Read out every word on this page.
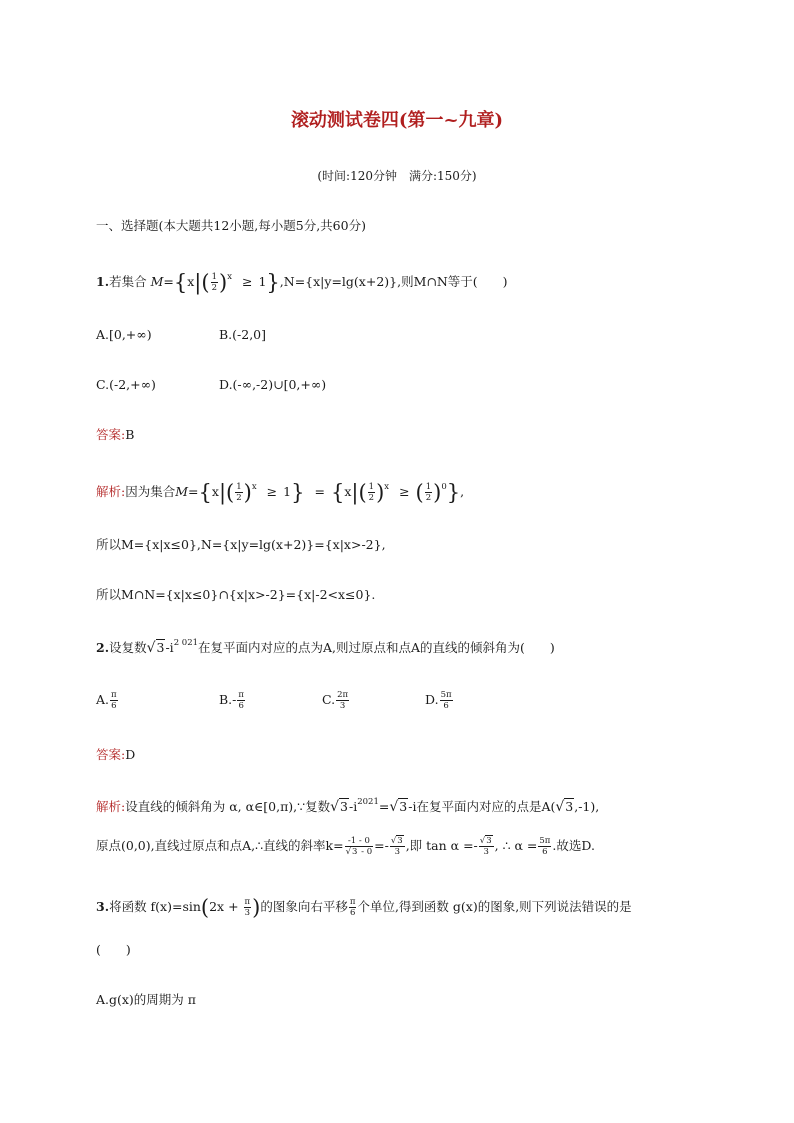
滚动测试卷四(第一~九章)
(时间:120分钟　满分:150分)
一、选择题(本大题共12小题,每小题5分,共60分)
1.若集合 $M=\{x|( \frac{1}{2} )^x \ge 1\},N=\{x|y=\lg(x+2)\}$,则M∩N等于(　　)
A.[0,+∞)	B.(-2,0]
C.(-2,+∞)	D.(-∞,-2)∪[0,+∞)
答案:B
解析:因为集合$M=\{x|( \frac{1}{2} )^x \ge 1\} = \{x|( \frac{1}{2} )^x$ ≥ ( $\frac{1}{2} )^0$},
所以M={x|x≤0},N={x|y=lg(x+2)}={x|x>-2},
所以M∩N={x|x≤0}∩{x|x>-2}={x|-2<x≤0}.
2.设复数$√3-i^{2 021}$在复平面内对应的点为A,则过原点和点A的直线的倾斜角为(　　)
A. $\frac{\pi}{6}$	$B.- \frac{\pi}{6}$	C. $\frac{2\pi}{3}$	D. $\frac{5\pi}{6}$
答案:D
解析:设直线的倾斜角为 α, α∈[0,π),∵复数$√3-i^{2021}=√3-i$在复平面内对应的点是A(√3,-1),
原点(0,0),直线过原点和点A,∴直线的斜率$k= \frac{-1 - 0}{√3 - 0} =- \frac{√3}{3}$ ,即 $\tan \alpha =- \frac{√3}{3}$ , ∴ $\alpha = \frac{5\pi}{6}$ .故选D.
3.将函数 $f(x)=\sin(2x + \frac{\pi}{3}$ )的图象向右平移 $\frac{\pi}{6}$ 个单位,得到函数 g(x)的图象,则下列说法错误的是
(　　)
A.g(x)的周期为 π
